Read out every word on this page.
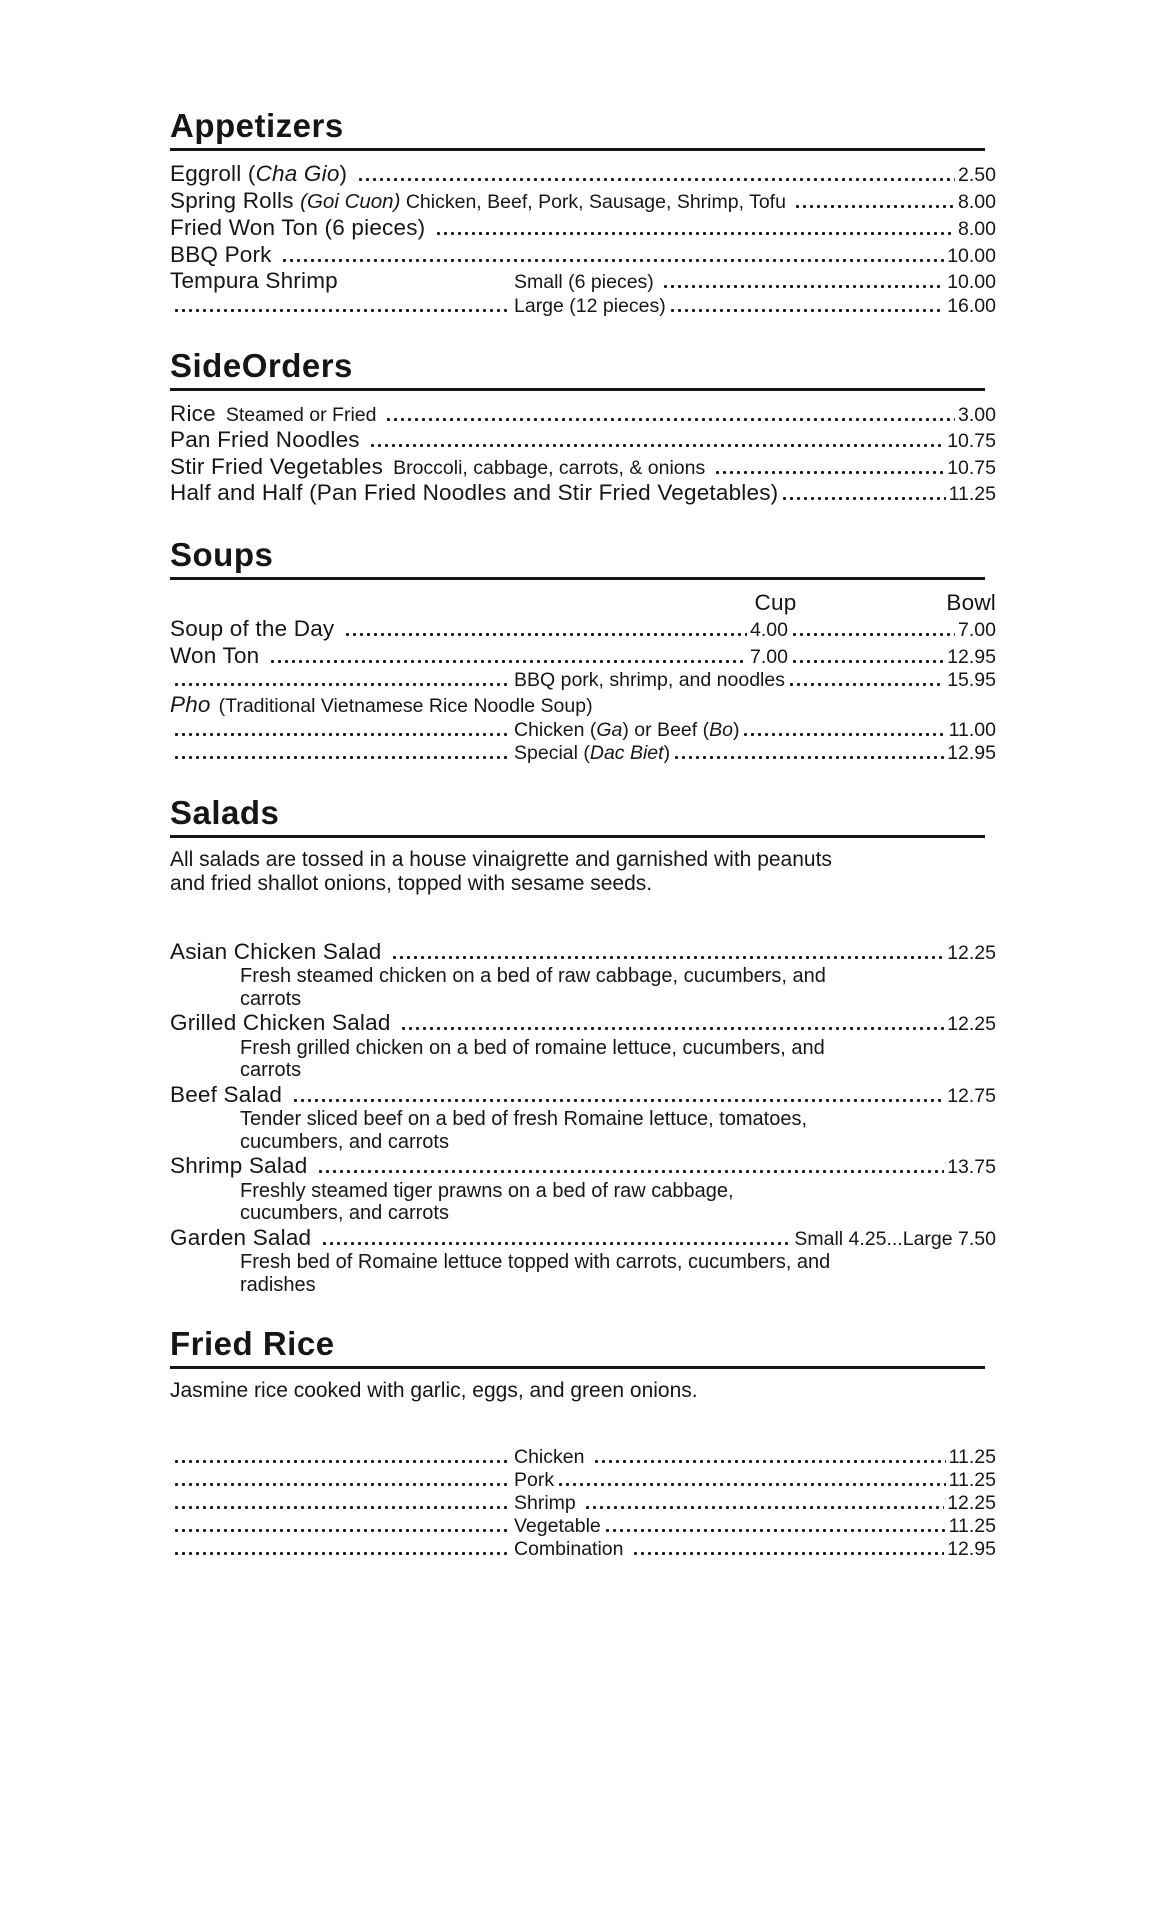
Appetizers
Eggroll ( Cha Gio )	2.50
Spring Rolls (Goi Cuon) Chicken, Beef, Pork, Sausage, Shrimp, Tofu	8.00
Fried Won Ton (6 pieces)	8.00
BBQ Pork	10.00
Tempura Shrimp	Small (6 pieces)	10.00
Large (12 pieces)	16.00
SideOrders
Rice Steamed or Fried	3.00
Pan Fried Noodles	10.75
Stir Fried Vegetables Broccoli, cabbage, carrots, & onions	10.75
Half and Half (Pan Fried Noodles and Stir Fried Vegetables)	11.25
Soups
Cup	Bowl
Soup of the Day	4.00	7.00
Won Ton	7.00	12.95
BBQ pork, shrimp, and noodles	15.95
Pho (Traditional Vietnamese Rice Noodle Soup)
Chicken ( Ga ) or Beef ( Bo )	11.00
Special ( Dac Biet )	12.95
Salads
All salads are tossed in a house vinaigrette and garnished with peanuts
and fried shallot onions, topped with sesame seeds.
Asian Chicken Salad	12.25
Fresh steamed chicken on a bed of raw cabbage, cucumbers, and
carrots
Grilled Chicken Salad	12.25
Fresh grilled chicken on a bed of romaine lettuce, cucumbers, and
carrots
Beef Salad	12.75
Tender sliced beef on a bed of fresh Romaine lettuce, tomatoes,
cucumbers, and carrots
Shrimp Salad	13.75
Freshly steamed tiger prawns on a bed of raw cabbage,
cucumbers, and carrots
Garden Salad	Small 4.25...Large 7.50
Fresh bed of Romaine lettuce topped with carrots, cucumbers, and
radishes
Fried Rice
Jasmine rice cooked with garlic, eggs, and green onions.
Chicken	11.25
Pork	11.25
Shrimp	12.25
Vegetable	11.25
Combination	12.95
